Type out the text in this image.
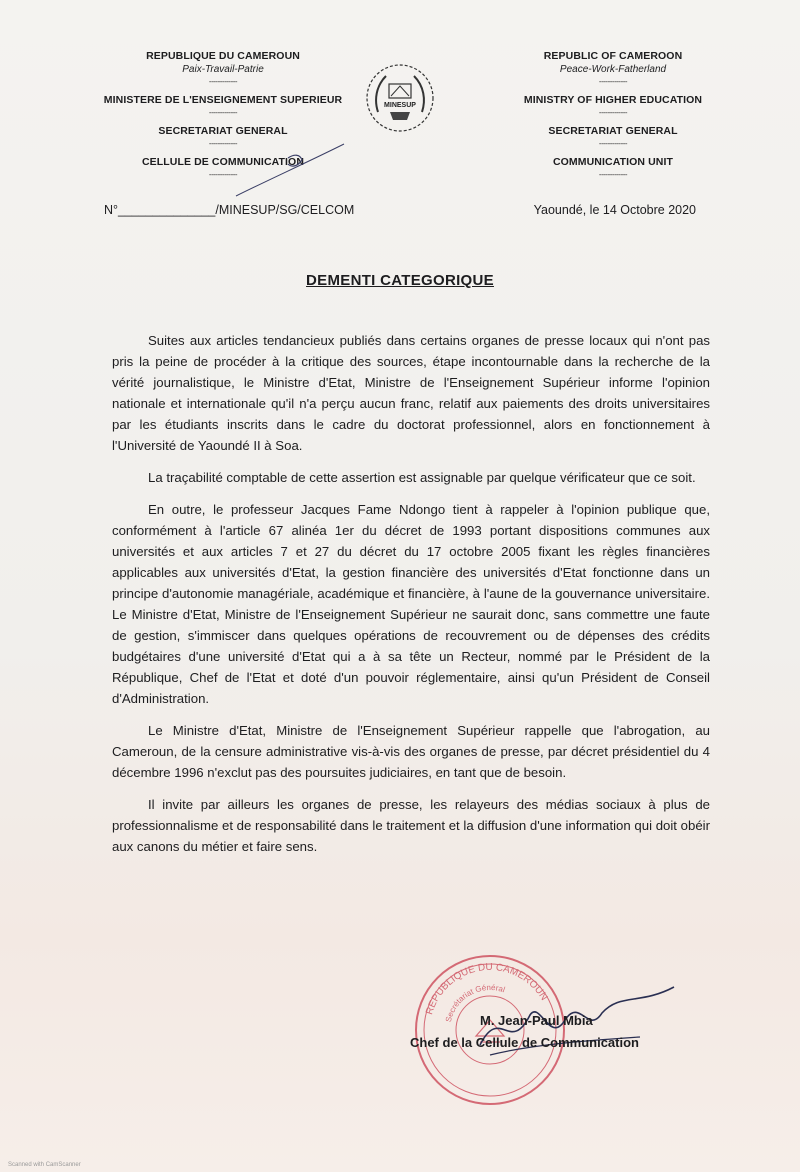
REPUBLIQUE DU CAMEROUN
Paix-Travail-Patrie
-------------
MINISTERE DE L'ENSEIGNEMENT SUPERIEUR
-------------
SECRETARIAT GENERAL
-------------
CELLULE DE COMMUNICATION
-------------
MINESUP
REPUBLIC OF CAMEROON
Peace-Work-Fatherland
-------------
MINISTRY OF HIGHER EDUCATION
-------------
SECRETARIAT GENERAL
-------------
COMMUNICATION UNIT
-------------
N°______________/MINESUP/SG/CELCOM	Yaoundé, le 14 Octobre 2020
DEMENTI CATEGORIQUE

Suites aux articles tendancieux publiés dans certains organes de presse locaux qui n'ont pas pris la peine de procéder à la critique des sources, étape incontournable dans la recherche de la vérité journalistique, le Ministre d'Etat, Ministre de l'Enseignement Supérieur informe l'opinion nationale et internationale qu'il n'a perçu aucun franc, relatif aux paiements des droits universitaires par les étudiants inscrits dans le cadre du doctorat professionnel, alors en fonctionnement à l'Université de Yaoundé II à Soa.

La traçabilité comptable de cette assertion est assignable par quelque vérificateur que ce soit.

En outre, le professeur Jacques Fame Ndongo tient à rappeler à l'opinion publique que, conformément à l'article 67 alinéa 1er du décret de 1993 portant dispositions communes aux universités et aux articles 7 et 27 du décret du 17 octobre 2005 fixant les règles financières applicables aux universités d'Etat, la gestion financière des universités d'Etat fonctionne dans un principe d'autonomie managériale, académique et financière, à l'aune de la gouvernance universitaire. Le Ministre d'Etat, Ministre de l'Enseignement Supérieur ne saurait donc, sans commettre une faute de gestion, s'immiscer dans quelques opérations de recouvrement ou de dépenses des crédits budgétaires d'une université d'Etat qui a à sa tête un Recteur, nommé par le Président de la République, Chef de l'Etat et doté d'un pouvoir réglementaire, ainsi qu'un Président de Conseil d'Administration.

Le Ministre d'Etat, Ministre de l'Enseignement Supérieur rappelle que l'abrogation, au Cameroun, de la censure administrative vis-à-vis des organes de presse, par décret présidentiel du 4 décembre 1996 n'exclut pas des poursuites judiciaires, en tant que de besoin.

Il invite par ailleurs les organes de presse, les relayeurs des médias sociaux à plus de professionnalisme et de responsabilité dans le traitement et la diffusion d'une information qui doit obéir aux canons du métier et faire sens.

REPUBLIQUE DU CAMEROUN
Secrétariat Général
M. Jean-Paul Mbia
Chef de la Cellule de Communication
Scanned with CamScanner
